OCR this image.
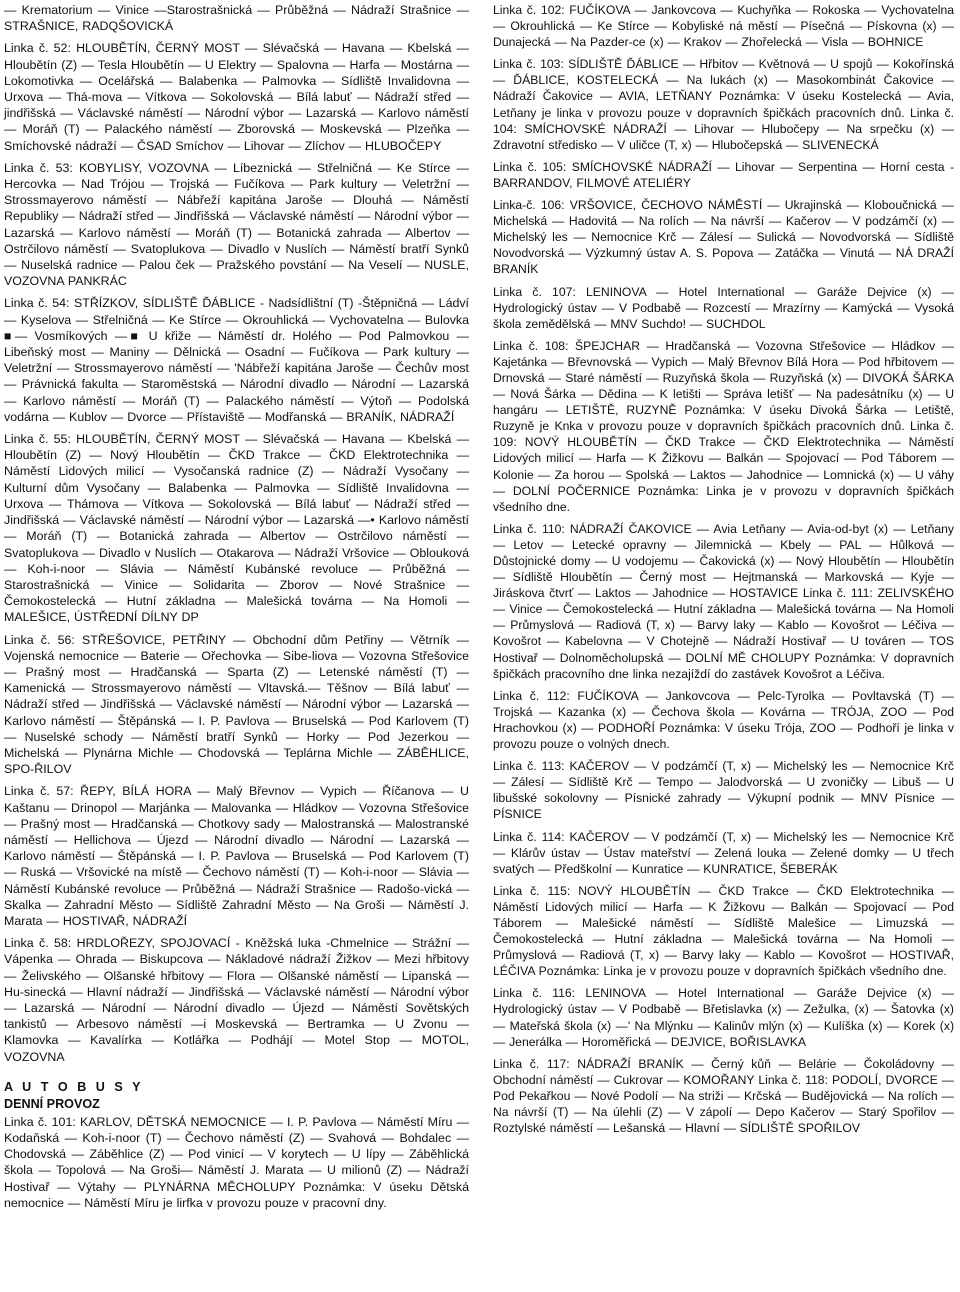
— Krematorium — Vinice —Starostrašnická — Průběžná — Nádraží Strašnice — STRAŠNICE, RADQŠOVICKÁ

Linka č. 52: HLOUBĚTÍN, ČERNÝ MOST — Slévačská — Havana — Kbelská — Hloubětín (Z) — Tesla Hloubětín — U Elektry — Spalovna — Harfa — Mostárna — Lokomotivka — Ocelářská — Balabenka — Palmovka — Sídliště Invalidovna — Urxova — Thá-mova — Vítkova — Sokolovská — Bílá labuť — Nádraží střed — jindřišská — Václavské náměstí — Národní výbor — Lazarská — Karlovo náměstí — Moráň (T) — Palackého náměstí — Zborovská — Moskevská — Plzeňka — Smíchovské nádraží — ČSAD Smíchov — Lihovar — Zlíchov — HLUBOČEPY

Linka č. 53: KOBYLISY, VOZOVNA — Líbeznická — Střelničná — Ke Stírce — Hercovka — Nad Trójou — Trojská — Fučíkova — Park kultury — Veletržní — Strossmayerovo náměstí — Nábřeží kapitána Jaroše — Dlouhá — Náměstí Republiky — Nádraží střed — Jindřišská — Václavské náměstí — Národní výbor — Lazarská — Karlovo náměstí — Moráň (T) — Botanická zahrada — Albertov — Ostrčilovo náměstí — Svatoplukova — Divadlo v Nuslích — Náměstí bratří Synků — Nuselská radnice — Palou ček — Pražského povstání — Na Veselí — NUSLE, VOZOVNA PANKRÁC

Linka č. 54: STŘÍZKOV, SÍDLIŠTĚ ĎÁBLICE - Nadsídlištní (T) -Štěpničná — Ládví — Kyselova — Střelničná — Ke Stírce — Okrouhlická — Vychovatelna — Bulovka ■— Vosmíkových —■ U křiže — Náměstí dr. Holého — Pod Palmovkou — Libeňský most — Maniny — Dělnická — Osadní — Fučíkova — Park kultury — Veletržní — Strossmayerovo náměstí — 'Nábřeží kapitána Jaroše — Čechův most — Právnická fakulta — Staroměstská — Národní divadlo — Národní — Lazarská — Karlovo náměstí — Moráň (T) — Palackého náměstí — Výtoň — Podolská vodárna — Kublov — Dvorce — Přístaviště — Modřanská — BRANÍK, NÁDRAŽÍ

Linka č. 55: HLOUBĚTÍN, ČERNÝ MOST — Slévačská — Havana — Kbelská — Hloubětín (Z) — Nový Hloubětín — ČKD Trakce — ČKD Elektrotechnika — Náměstí Lidových milicí — Vysočanská radnice (Z) — Nádraží Vysočany — Kulturní dům Vysočany — Balabenka — Palmovka — Sídliště Invalidovna — Urxova — Thámova — Vítkova — Sokolovská — Bílá labuť — Nádraží střed — Jindřišská — Václavské náměstí — Národní výbor — Lazarská —• Karlovo náměstí — Moráň (T) — Botanická zahrada — Albertov — Ostrčilovo náměstí — Svatoplukova — Divadlo v Nuslích — Otakarova — Nádraží Vršovice — Oblouková — Koh-i-noor — Slávia — Náměstí Kubánské revoluce — Průběžná — Starostrašnická — Vinice — Solidarita — Zborov — Nové Strašnice — Čemokostelecká — Hutní základna — Malešická továrna — Na Homoli — MALEŠICE, ÚSTŘEDNÍ DÍLNY DP

Linka č. 56: STŘEŠOVICE, PETŘINY — Obchodní dům Petřiny — Větrník — Vojenská nemocnice — Baterie — Ořechovka — Sibe-liova — Vozovna Střešovice — Prašný most — Hradčanská — Sparta (Z) — Letenské náměstí (T) — Kamenická — Strossmayerovo náměstí — Vltavská.— Těšnov — Bílá labuť — Nádraží střed — Jindřišská — Václavské náměstí — Národní výbor — Lazarská — Karlovo náměstí — Štěpánská — I. P. Pavlova — Bruselská — Pod Karlovem (T) — Nuselské schody — Náměstí bratří Synků — Horky — Pod Jezerkou — Michelská — Plynárna Michle — Chodovská — Teplárna Michle — ZÁBĚHLICE, SPO-ŘILOV

Linka č. 57: ŘEPY, BÍLÁ HORA — Malý Břevnov — Vypich — Říčanova — U Kaštanu — Drinopol — Marjánka — Malovanka — Hládkov — Vozovna Střešovice — Prašný most — Hradčanská — Chotkovy sady — Malostranská — Malostranské náměstí — Hellichova — Újezd — Národní divadlo — Národní — Lazarská — Karlovo náměstí — Štěpánská — I. P. Pavlova — Bruselská — Pod Karlovem (T) — Ruská — Vršovické na místě — Čechovo náměstí (T) — Koh-i-noor — Slávia — Náměstí Kubánské revoluce — Průběžná — Nádraží Strašnice — Radošo-vická — Skalka — Zahradní Město — Sídliště Zahradní Město — Na Groši — Náměstí J. Marata — HOSTIVAŘ, NÁDRAŽÍ

Linka č. 58: HRDLOŘEZY, SPOJOVACÍ - Kněžská luka -Chmelnice — Strážní — Vápenka — Ohrada — Biskupcova — Nákladové nádraží Žižkov — Mezi hřbitovy — Želivského — Olšanské hřbitovy — Flora — Olšanské náměstí — Lipanská — Hu-sinecká — Hlavní nádraží — Jindřišská — Václavské náměstí — Národní výbor — Lazarská — Národní — Národní divadlo — Újezd — Náměstí Sovětských tankistů — Arbesovo náměstí —i Moskevská — Bertramka — U Zvonu — Klamovka — Kavalírka — Kotlářka — Podhájí — Motel Stop — MOTOL, VOZOVNA

A U T O B U S Y
DENNÍ PROVOZ

Linka č. 101: KARLOV, DĚTSKÁ NEMOCNICE — I. P. Pavlova — Náměstí Míru — Kodaňská — Koh-i-noor (T) — Čechovo náměstí (Z) — Svahová — Bohdalec — Chodovská — Záběhlice (Z) — Pod vinicí — V korytech — U lípy — Záběhlická škola — Topolová — Na Groši— Náměstí J. Marata — U milionů (Z) — Nádraží Hostivař — Výtahy — PLYNÁRNA MĚCHOLUPY Poznámka: V úseku Dětská nemocnice — Náměstí Míru je lirfka v provozu pouze v pracovní dny.

Linka č. 102: FUČÍKOVA — Jankovcova — Kuchyňka — Rokoska — Vychovatelna — Okrouhlická — Ke Stírce — Kobyliské ná městí — Písečná — Pískovna (x) — Dunajecká — Na Pazder-ce (x) — Krakov — Zhořelecká — Visla — BOHNICE

Linka č. 103: SÍDLIŠTĚ ĎÁBLICE — Hřbitov — Květnová — U spojů — Kokořínská — ĎÁBLICE, KOSTELECKÁ — Na lukách (x) — Masokombinát Čakovice — Nádraží Čakovice — AVIA, LETŇANY Poznámka: V úseku Kostelecká — Avia, Letňany je linka v provozu pouze v dopravních špičkách pracovních dnů. Linka č. 104: SMÍCHOVSKÉ NÁDRAŽÍ — Lihovar — Hlubočepy — Na srpečku (x) — Zdravotní středisko — V uličce (T, x) — Hlubočepská — SLIVENECKÁ

Linka č. 105: SMÍCHOVSKÉ NÁDRAŽÍ — Lihovar — Serpentina — Horní cesta - BARRANDOV, FILMOVÉ ATELIÉRY

Linka-č. 106: VRŠOVICE, ČECHOVO NÁMĚSTÍ — Ukrajinská — Kloboučnická — Michelská — Hadovitá — Na rolích — Na návrší — Kačerov — V podzámčí (x) — Michelský les — Nemocnice Krč — Zálesí — Sulická — Novodvorská — Sídliště Novodvorská — Výzkumný ústav A. S. Popova — Zatáčka — Vinutá — NÁ DRAŽÍ BRANÍK

Linka č. 107: LENINOVA — Hotel International — Garáže Dejvice (x) — Hydrologický ústav — V Podbabě — Rozcestí — Mrazírny — Kamýcká — Vysoká škola zemědělská — MNV Suchdo! — SUCHDOL

Linka č. 108: ŠPEJCHAR — Hradčanská — Vozovna Střešovice — Hládkov — Kajetánka — Břevnovská — Vypich — Malý Břevnov Bílá Hora — Pod hřbitovem — Drnovská — Staré náměstí — Ruzyňská škola — Ruzyňská (x) — DIVOKÁ ŠÁRKA — Nová Šárka — Dědina — K letišti — Správa letišť — Na padesátníku (x) — U hangáru — LETIŠTĚ, RUZYNĚ Poznámka: V úseku Divoká Šárka — Letiště, Ruzyně je Knka v provozu pouze v dopravních špičkách pracovních dnů. Linka č. 109: NOVÝ HLOUBĚTÍN — ČKD Trakce — ČKD Elektrotechnika — Náměstí Lidových milicí — Harfa — K Žižkovu — Balkán — Spojovací — Pod Táborem — Kolonie — Za horou — Spolská — Laktos — Jahodnice — Lomnická (x) — U váhy — DOLNÍ POČERNICE Poznámka: Linka je v provozu v dopravních špičkách všedního dne.

Linka č. 110: NÁDRAŽÍ ČAKOVICE — Avia Letňany — Avia-od-byt (x) — Letňany — Letov — Letecké opravny — Jilemnická — Kbely — PAL — Hůlková — Důstojnické domy — U vodojemu — Čakovická (x) — Nový Hloubětín — Hloubětín — Sídliště Hloubětín — Černý most — Hejtmanská — Markovská — Kyje — Jiráskova čtvrť — Laktos — Jahodnice — HOSTAVICE Linka č. 111: ZELIVSKÉHO — Vinice — Čemokostelecká — Hutní základna — Malešická továrna — Na Homoli — Průmyslová — Radiová (T, x) — Barvy laky — Kablo — Kovošrot — Léčiva — Kovošrot — Kabelovna — V Chotejně — Nádraží Hostivař — U továren — TOS Hostivař — Dolnoměcholupská — DOLNÍ MĚ CHOLUPY Poznámka: V dopravních špičkách pracovního dne linka nezajíždí do zastávek Kovošrot a Léčiva.

Linka č. 112: FUČÍKOVA — Jankovcova — Pelc-Tyrolka — Povltavská (T) — Trojská — Kazanka (x) — Čechova škola — Kovárna — TRÓJA, ZOO — Pod Hrachovkou (x) — PODHOŘÍ Poznámka: V úseku Trója, ZOO — Podhoří je linka v provozu pouze o volných dnech.

Linka č. 113: KAČEROV — V podzámčí (T, x) — Michelský les — Nemocnice Krč — Zálesí — Sídliště Krč — Tempo — Jalodvorská — U zvoničky — Libuš — U libušské sokolovny — Písnické zahrady — Výkupní podnik — MNV Písnice — PÍSNICE

Linka č. 114: KAČEROV — V podzámčí (T, x) — Michelský les — Nemocnice Krč — Klárův ústav — Ústav mateřství — Zelená louka — Zelené domky — U třech svatých — Předškolní — Kunratice — KUNRATICE, ŠEBERÁK

Linka č. 115: NOVÝ HLOUBĚTÍN — ČKD Trakce — ČKD Elektrotechnika — Náměstí Lidových milicí — Harfa — K Žižkovu — Balkán — Spojovací — Pod Táborem — Malešické náměstí — Sídliště Malešice — Limuzská — Čemokostelecká — Hutní základna — Malešická továrna — Na Homoli — Průmyslová — Radiová (T, x) — Barvy laky — Kablo — Kovošrot — HOSTIVAŘ, LÉČIVA Poznámka: Linka je v provozu pouze v dopravních špičkách všedního dne.

Linka č. 116: LENINOVA — Hotel International — Garáže Dejvice (x) — Hydrologický ústav — V Podbabě — Břetislavka (x) — Zežulka, (x) — Šatovka (x) — Mateřská škola (x) —' Na Mlýnku — Kalinův mlýn (x) — Kulíška (x) — Korek (x) — Jenerálka — Horoměřická — DEJVICE, BOŘISLAVKA

Linka č. 117: NÁDRAŽÍ BRANÍK — Černý kůň — Belárie — Čokoládovny — Obchodní náměstí — Cukrovar — KOMOŘANY Linka č. 118: PODOLÍ, DVORCE — Pod Pekařkou — Nové Podolí — Na striži — Krčská — Budějovická — Na rolích — Na návrší (T) — Na úlehli (Z) — V zápolí — Depo Kačerov — Starý Spořilov — Roztylské náměstí — Lešanská — Hlavní — SÍDLIŠTĚ SPOŘILOV
